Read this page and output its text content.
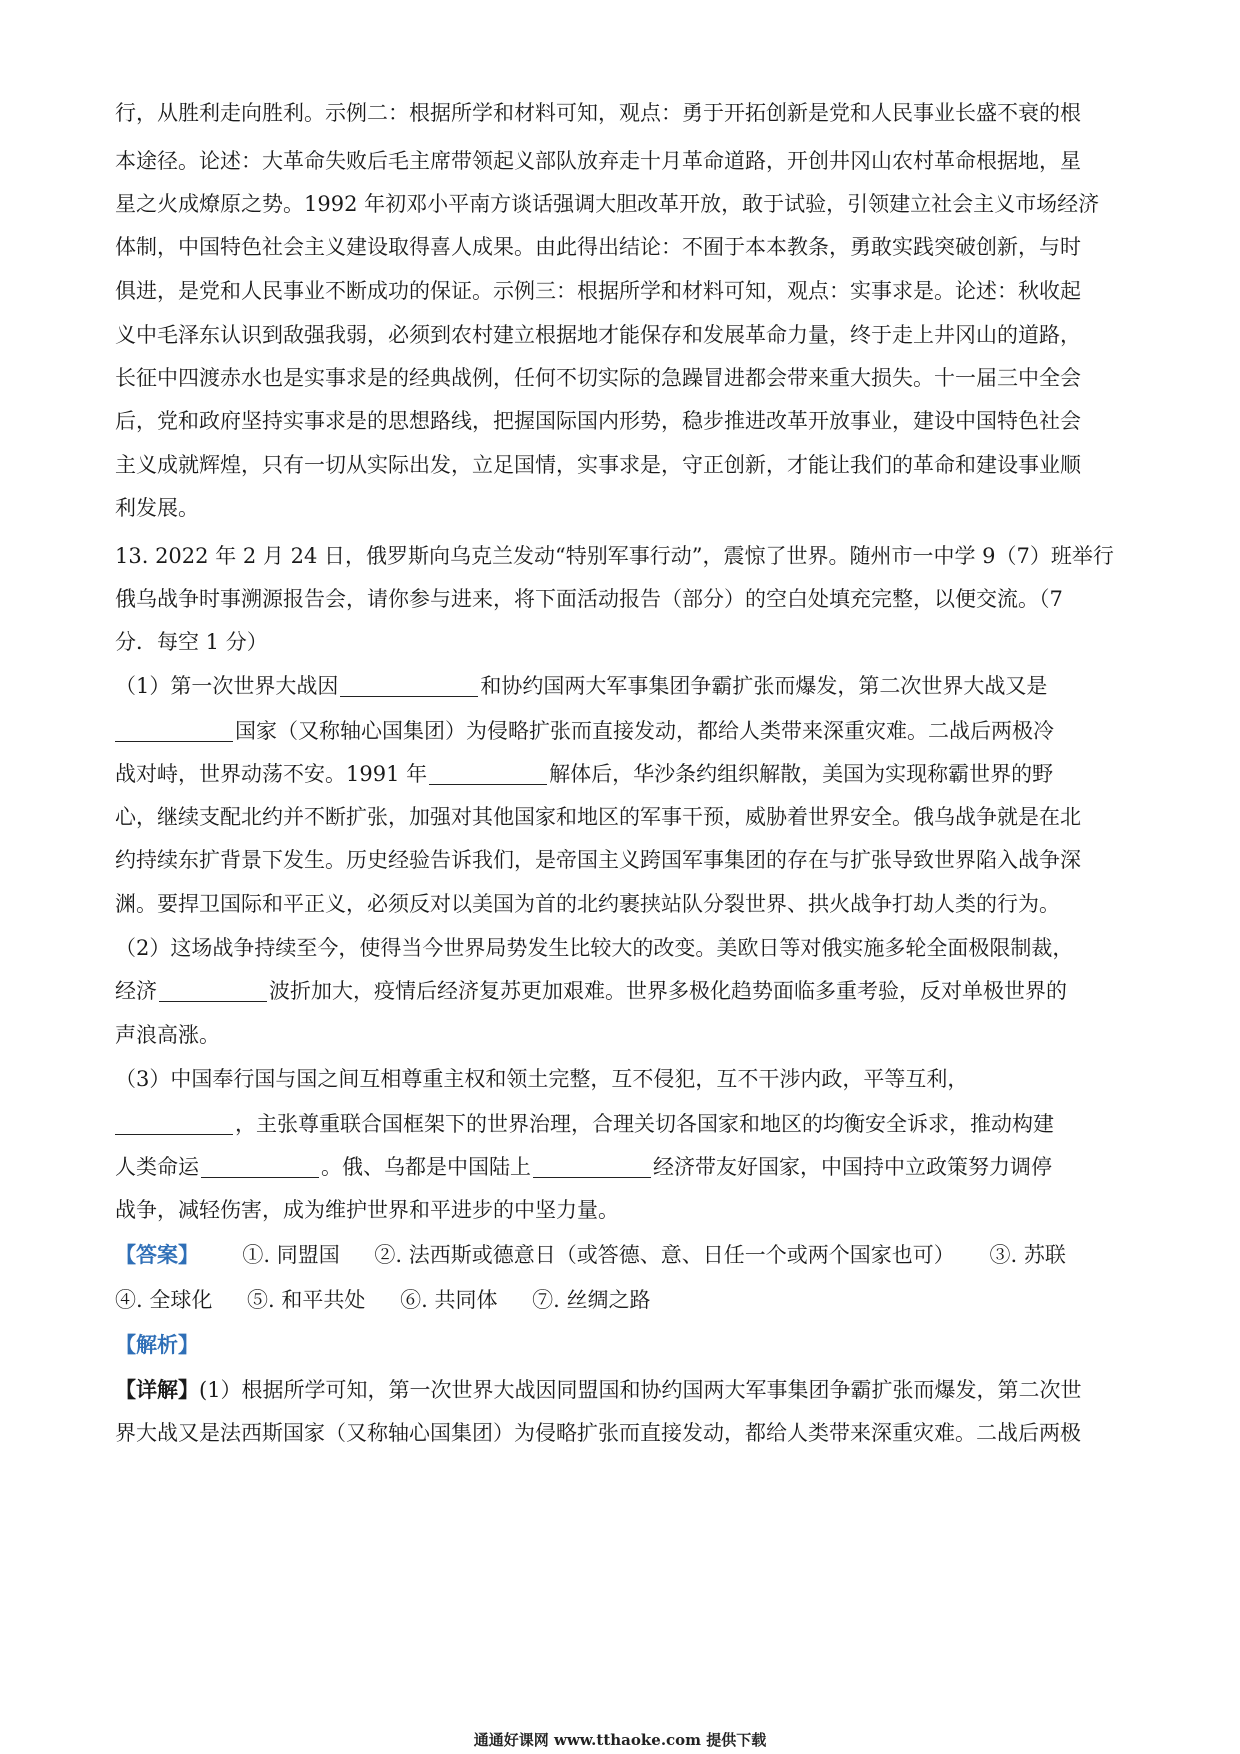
行，从胜利走向胜利。示例二：根据所学和材料可知，观点：勇于开拓创新是党和人民事业长盛不衰的根
本途径。论述：大革命失败后毛主席带领起义部队放弃走十月革命道路，开创井冈山农村革命根据地，星
星之火成燎原之势。1992 年初邓小平南方谈话强调大胆改革开放，敢于试验，引领建立社会主义市场经济
体制，中国特色社会主义建设取得喜人成果。由此得出结论：不囿于本本教条，勇敢实践突破创新，与时
俱进，是党和人民事业不断成功的保证。示例三：根据所学和材料可知，观点：实事求是。论述：秋收起
义中毛泽东认识到敌强我弱，必须到农村建立根据地才能保存和发展革命力量，终于走上井冈山的道路，
长征中四渡赤水也是实事求是的经典战例，任何不切实际的急躁冒进都会带来重大损失。十一届三中全会
后，党和政府坚持实事求是的思想路线，把握国际国内形势，稳步推进改革开放事业，建设中国特色社会
主义成就辉煌，只有一切从实际出发，立足国情，实事求是，守正创新，才能让我们的革命和建设事业顺
利发展。
13. 2022 年 2 月 24 日，俄罗斯向乌克兰发动“特别军事行动”，震惊了世界。随州市一中学 9（7）班举行
俄乌战争时事溯源报告会，请你参与进来，将下面活动报告（部分）的空白处填充完整，以便交流。（7
分．每空 1 分）
（1）第一次世界大战因	和协约国两大军事集团争霸扩张而爆发，第二次世界大战又是
国家（又称轴心国集团）为侵略扩张而直接发动，都给人类带来深重灾难。二战后两极冷
战对峙，世界动荡不安。1991 年	解体后，华沙条约组织解散，美国为实现称霸世界的野
心，继续支配北约并不断扩张，加强对其他国家和地区的军事干预，威胁着世界安全。俄乌战争就是在北
约持续东扩背景下发生。历史经验告诉我们，是帝国主义跨国军事集团的存在与扩张导致世界陷入战争深
渊。要捍卫国际和平正义，必须反对以美国为首的北约裹挟站队分裂世界、拱火战争打劫人类的行为。
（2）这场战争持续至今，使得当今世界局势发生比较大的改变。美欧日等对俄实施多轮全面极限制裁，
经济	波折加大，疫情后经济复苏更加艰难。世界多极化趋势面临多重考验，反对单极世界的
声浪高涨。
（3）中国奉行国与国之间互相尊重主权和领土完整，互不侵犯，互不干涉内政，平等互利，
，主张尊重联合国框架下的世界治理，合理关切各国家和地区的均衡安全诉求，推动构建
人类命运	。俄、乌都是中国陆上	经济带友好国家，中国持中立政策努力调停
战争，减轻伤害，成为维护世界和平进步的中坚力量。
【答案】 ①. 同盟国 ②. 法西斯或德意日（或答德、意、日任一个或两个国家也可） ③. 苏联
④. 全球化 ⑤. 和平共处 ⑥. 共同体 ⑦. 丝绸之路
【解析】
【详解】(1）根据所学可知，第一次世界大战因同盟国和协约国两大军事集团争霸扩张而爆发，第二次世
界大战又是法西斯国家（又称轴心国集团）为侵略扩张而直接发动，都给人类带来深重灾难。二战后两极
通通好课网 www.tthaoke.com 提供下载
